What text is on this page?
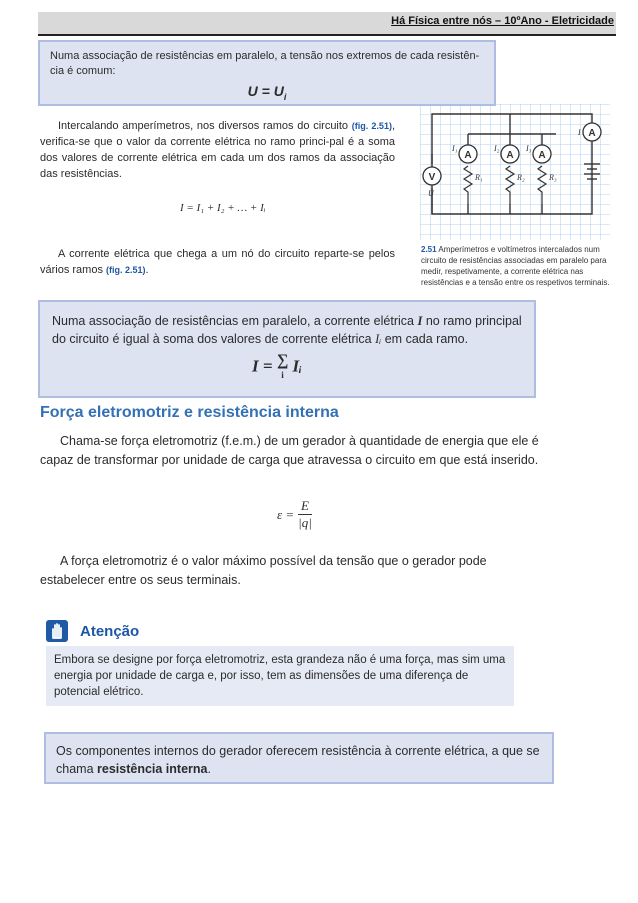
Há Física entre nós – 10ºAno - Eletricidade

Numa associação de resistências em paralelo, a tensão nos extremos de cada resistên-cia é comum:

$U = U_i$
Intercalando amperímetros, nos diversos ramos do circuito (fig. 2.51), verifica-se que o valor da corrente elétrica no ramo princi-pal é a soma dos valores de corrente elétrica em cada um dos ramos da associação das resistências.
I = I₁ + I₂ + … + Iᵢ
A corrente elétrica que chega a um nó do circuito reparte-se pelos vários ramos (fig. 2.51).
A	A A
A
V
U
I
I₁	I₂	I₃
R₁	R₂	R₃
2.51 Amperímetros e voltímetros intercalados num circuito de resistências associadas em paralelo para medir, respetivamente, a corrente elétrica nas resistências e a tensão entre os respetivos terminais.

Numa associação de resistências em paralelo, a corrente elétrica I no ramo principal do circuito é igual à soma dos valores de corrente elétrica Iᵢ em cada ramo.

I = ∑
i Iᵢ
Força eletromotriz e resistência interna
Chama-se força eletromotriz (f.e.m.) de um gerador à quantidade de energia que ele é capaz de transformar por unidade de carga que atravessa o circuito em que está inserido.
$\varepsilon = \frac{E}{|q|}$
A força eletromotriz é o valor máximo possível da tensão que o gerador pode estabelecer entre os seus terminais.
Atenção

Embora se designe por força eletromotriz, esta grandeza não é uma força, mas sim uma energia por unidade de carga e, por isso, tem as dimensões de uma diferença de potencial elétrico.

Os componentes internos do gerador oferecem resistência à corrente elétrica, a que se chama resistência interna.
